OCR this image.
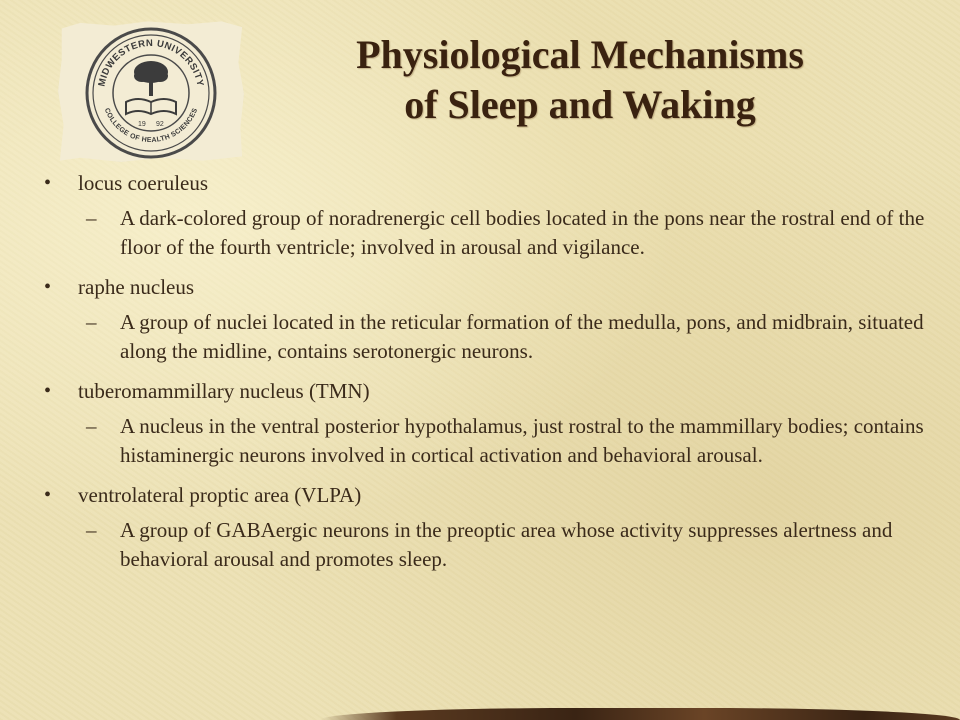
MIDWESTERN UNIVERSITY
COLLEGE OF HEALTH SCIENCES
19 92
Physiological Mechanisms
of Sleep and Waking
• locus coeruleus
– A dark-colored group of noradrenergic cell bodies located in the pons near the rostral end of the floor of the fourth ventricle; involved in arousal and vigilance.
• raphe nucleus
– A group of nuclei located in the reticular formation of the medulla, pons, and midbrain, situated along the midline, contains serotonergic neurons.
• tuberomammillary nucleus (TMN)
– A nucleus in the ventral posterior hypothalamus, just rostral to the mammillary bodies; contains histaminergic neurons involved in cortical activation and behavioral arousal.
• ventrolateral proptic area (VLPA)
– A group of GABAergic neurons in the preoptic area whose activity suppresses alertness and behavioral arousal and promotes sleep.
